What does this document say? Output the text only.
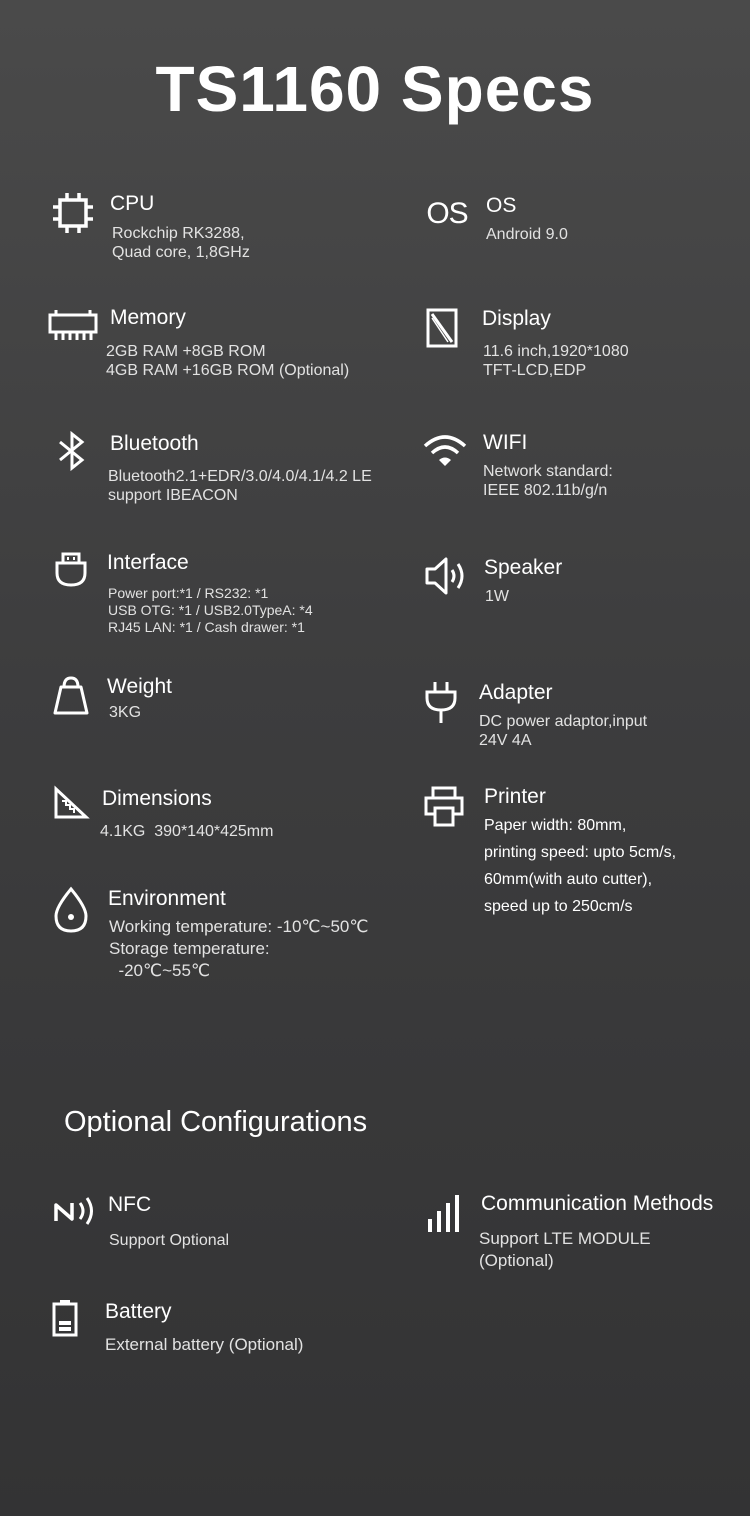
TS1160 Specs
CPU
Rockchip RK3288,
Quad core, 1,8GHz
OS OS
Android 9.0
Memory
2GB RAM +8GB ROM
4GB RAM +16GB ROM (Optional)
Display
11.6 inch,1920*1080
TFT-LCD,EDP
Bluetooth
Bluetooth2.1+EDR/3.0/4.0/4.1/4.2 LE
support IBEACON
WIFI
Network standard:
IEEE 802.11b/g/n
Interface
Power port:*1 / RS232: *1
USB OTG: *1 / USB2.0TypeA: *4
RJ45 LAN: *1 / Cash drawer: *1
Speaker
1W
Weight
3KG
Adapter
DC power adaptor,input
24V 4A
Dimensions
4.1KG  390*140*425mm
Printer
Paper width: 80mm,
printing speed: upto 5cm/s,
60mm(with auto cutter),
speed up to 250cm/s
Environment
Working temperature: -10℃~50℃
Storage temperature:
-20℃~55℃
Optional Configurations
NFC
Support Optional
Communication Methods
Support LTE MODULE
(Optional)
Battery
External battery (Optional)
